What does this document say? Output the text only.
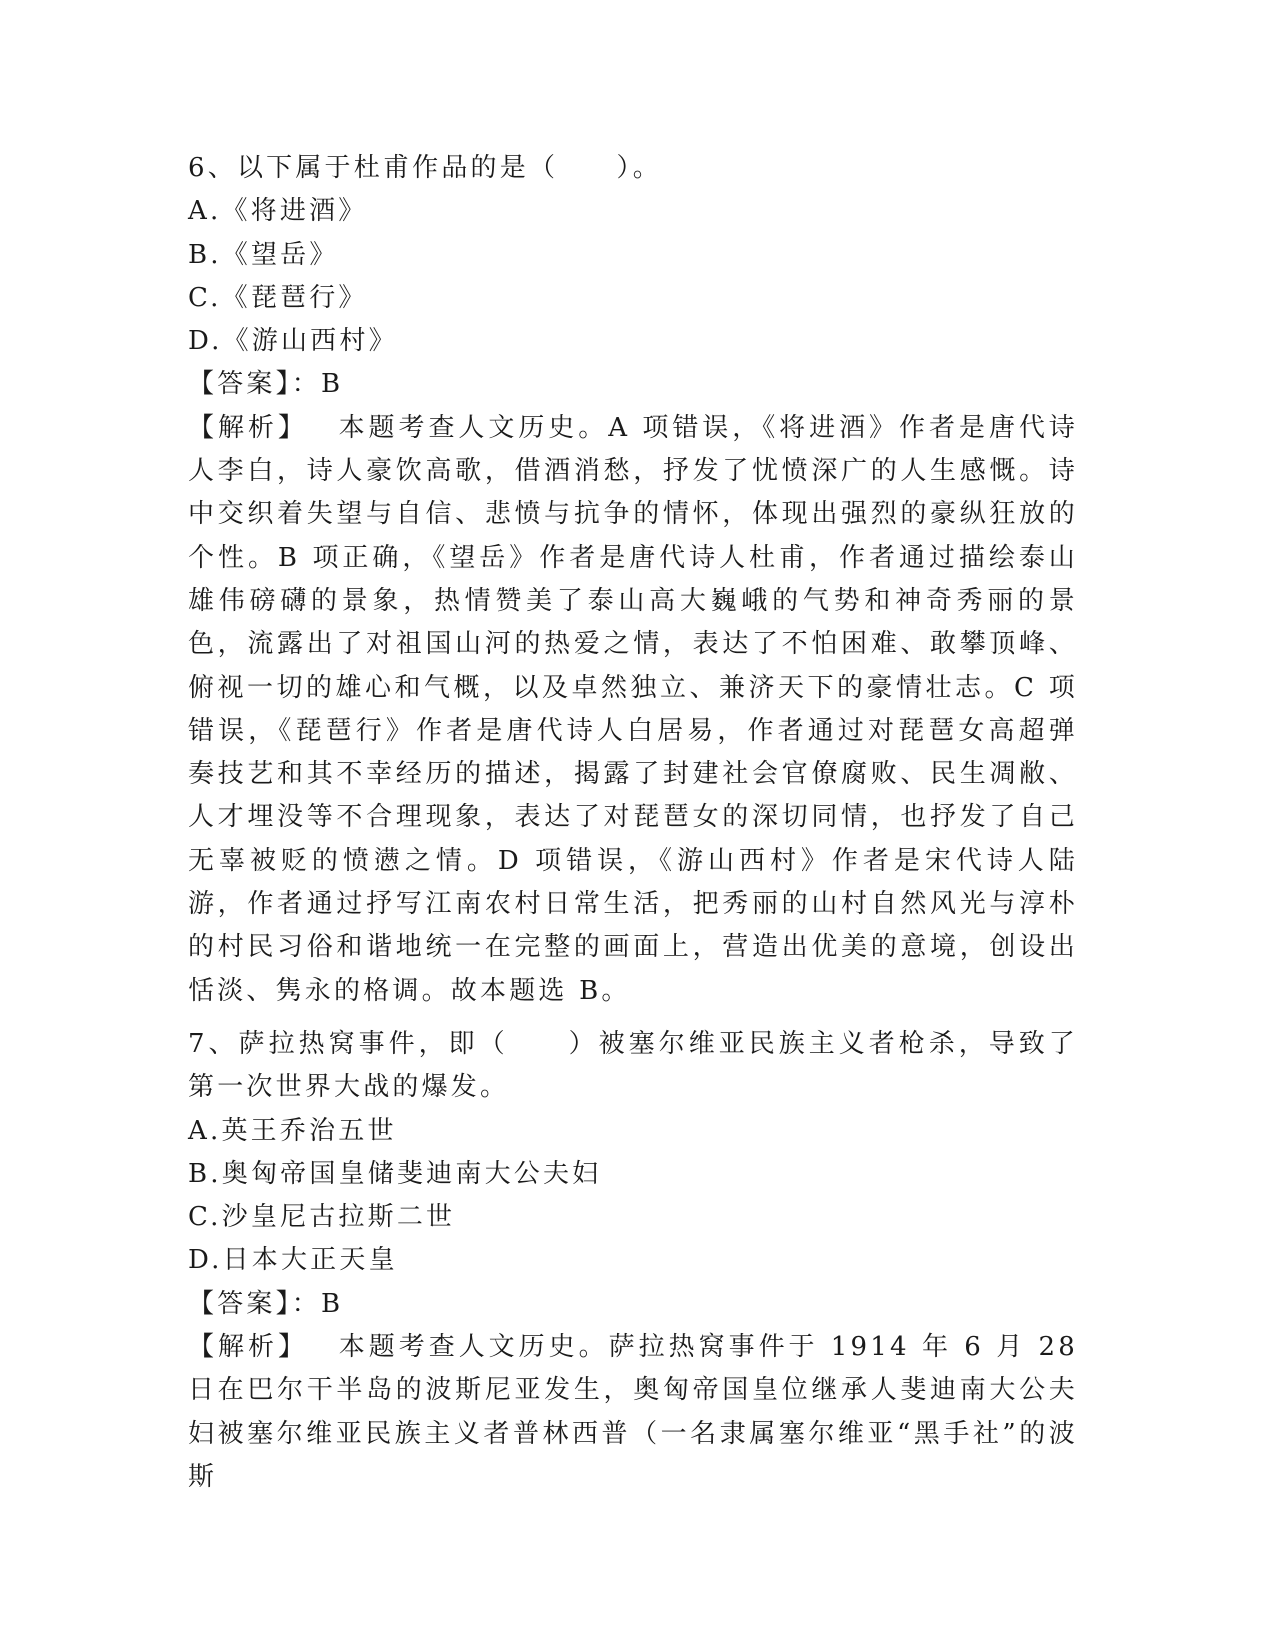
6、以下属于杜甫作品的是（　　）。
A.《将进酒》
B.《望岳》
C.《琵琶行》
D.《游山西村》
【答案】：B
【解析】 本题考查人文历史。A 项错误，《将进酒》作者是唐代诗人李白，诗人豪饮高歌，借酒消愁，抒发了忧愤深广的人生感慨。诗中交织着失望与自信、悲愤与抗争的情怀，体现出强烈的豪纵狂放的个性。B 项正确，《望岳》作者是唐代诗人杜甫，作者通过描绘泰山雄伟磅礴的景象，热情赞美了泰山高大巍峨的气势和神奇秀丽的景色，流露出了对祖国山河的热爱之情，表达了不怕困难、敢攀顶峰、俯视一切的雄心和气概，以及卓然独立、兼济天下的豪情壮志。C 项错误，《琵琶行》作者是唐代诗人白居易，作者通过对琵琶女高超弹奏技艺和其不幸经历的描述，揭露了封建社会官僚腐败、民生凋敝、人才埋没等不合理现象，表达了对琵琶女的深切同情，也抒发了自己无辜被贬的愤懑之情。D 项错误，《游山西村》作者是宋代诗人陆游，作者通过抒写江南农村日常生活，把秀丽的山村自然风光与淳朴的村民习俗和谐地统一在完整的画面上，营造出优美的意境，创设出恬淡、隽永的格调。故本题选 B。
7、萨拉热窝事件，即（　　）被塞尔维亚民族主义者枪杀，导致了第一次世界大战的爆发。
A.英王乔治五世
B.奥匈帝国皇储斐迪南大公夫妇
C.沙皇尼古拉斯二世
D.日本大正天皇
【答案】：B
【解析】 本题考查人文历史。萨拉热窝事件于 1914 年 6 月 28 日在巴尔干半岛的波斯尼亚发生，奥匈帝国皇位继承人斐迪南大公夫妇被塞尔维亚民族主义者普林西普（一名隶属塞尔维亚“黑手社”的波斯
